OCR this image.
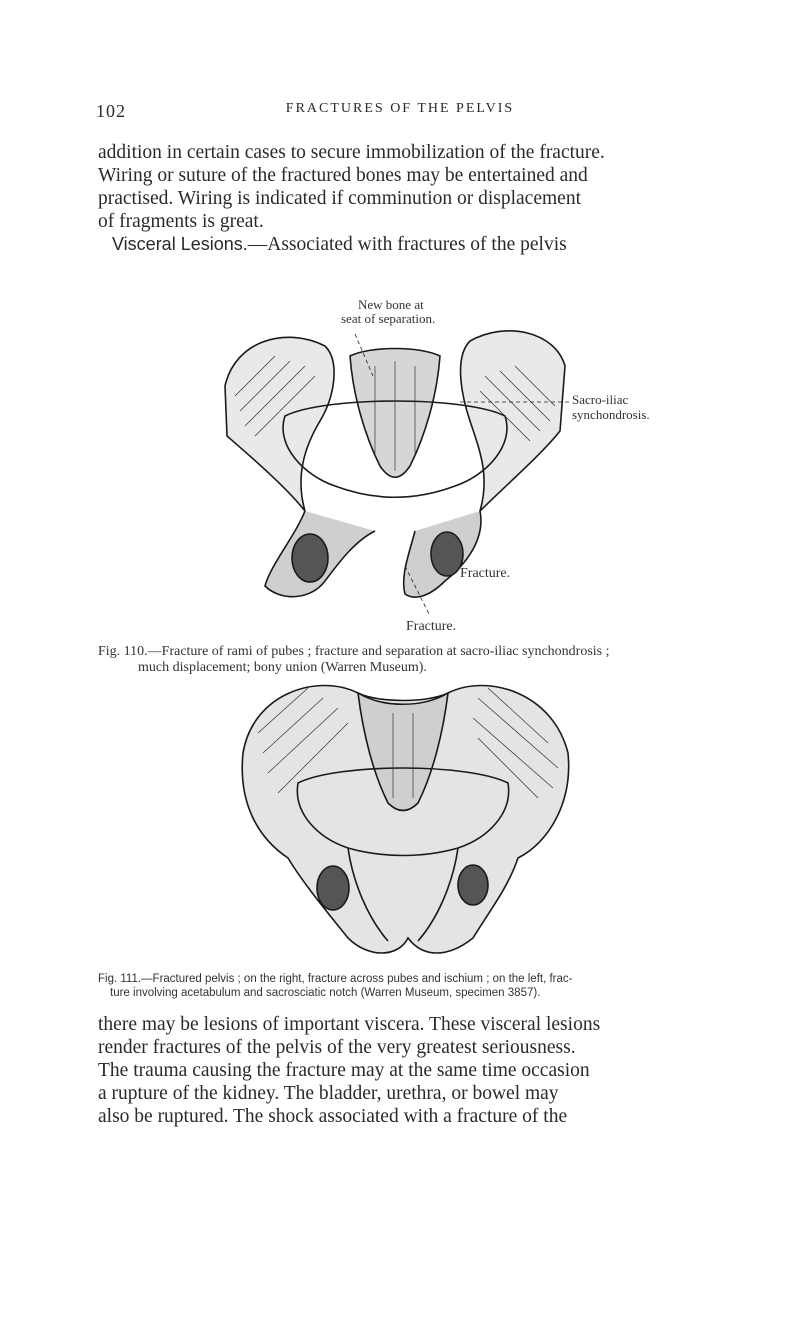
102	FRACTURES OF THE PELVIS

addition in certain cases to secure immobilization of the fracture.

Wiring or suture of the fractured bones may be entertained and

practised. Wiring is indicated if comminution or displacement

of fragments is great.

Visceral Lesions.—Associated with fractures of the pelvis
New bone at
seat of separation.
Sacro-iliac
synchondrosis.
Fracture.
Fracture.
Fig. 110.—Fracture of rami of pubes ; fracture and separation at sacro-iliac synchondrosis ;
much displacement; bony union (Warren Museum).
Fig. 111.—Fractured pelvis ; on the right, fracture across pubes and ischium ; on the left, frac-
ture involving acetabulum and sacrosciatic notch (Warren Museum, specimen 3857).

there may be lesions of important viscera. These visceral lesions

render fractures of the pelvis of the very greatest seriousness.

The trauma causing the fracture may at the same time occasion

a rupture of the kidney. The bladder, urethra, or bowel may

also be ruptured. The shock associated with a fracture of the
